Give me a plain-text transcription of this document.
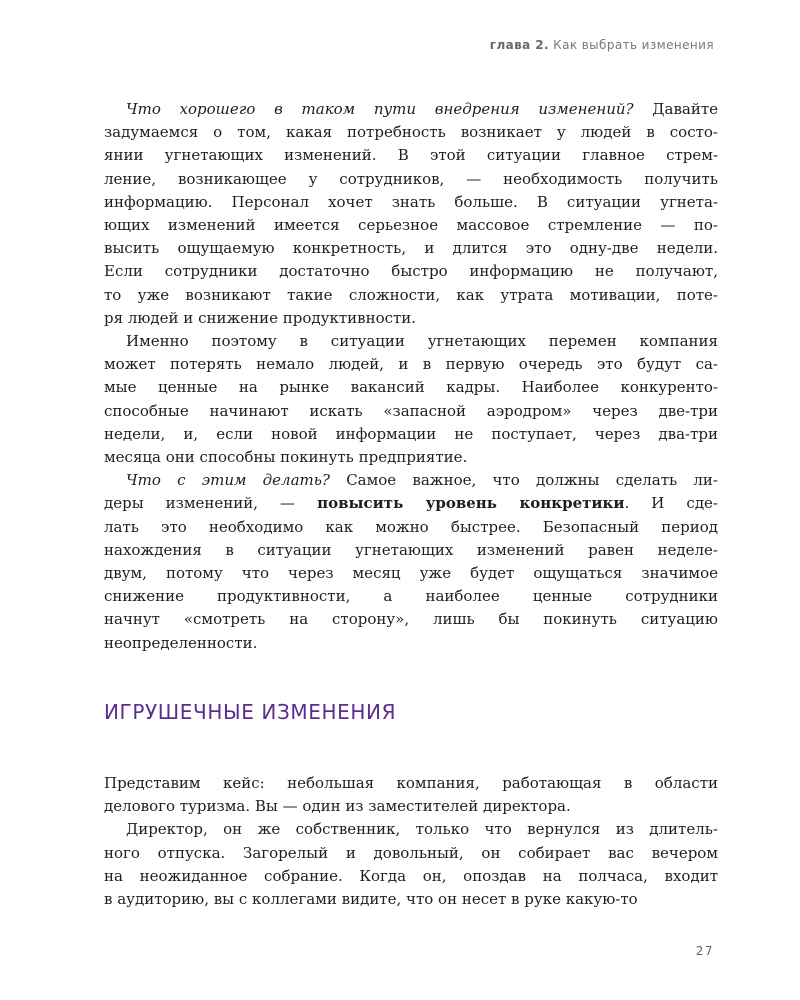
глава 2. Как выбрать изменения
Что хорошего в таком пути внедрения изменений? Давайте
задумаемся о том, какая потребность возникает у людей в состо-
янии угнетающих изменений. В этой ситуации главное стрем-
ление, возникающее у сотрудников, — необходимость получить
информацию. Персонал хочет знать больше. В ситуации угнета-
ющих изменений имеется серьезное массовое стремление — по-
высить ощущаемую конкретность, и длится это одну-две недели.
Если сотрудники достаточно быстро информацию не получают,
то уже возникают такие сложности, как утрата мотивации, поте-
ря людей и снижение продуктивности.
Именно поэтому в ситуации угнетающих перемен компания
может потерять немало людей, и в первую очередь это будут са-
мые ценные на рынке вакансий кадры. Наиболее конкуренто-
способные начинают искать «запасной аэродром» через две-три
недели, и, если новой информации не поступает, через два-три
месяца они способны покинуть предприятие.
Что с этим делать? Самое важное, что должны сделать ли-
деры изменений, — повысить уровень конкретики. И сде-
лать это необходимо как можно быстрее. Безопасный период
нахождения в ситуации угнетающих изменений равен неделе-
двум, потому что через месяц уже будет ощущаться значимое
снижение продуктивности, а наиболее ценные сотрудники
начнут «смотреть на сторону», лишь бы покинуть ситуацию
неопределенности.
ИГРУШЕЧНЫЕ ИЗМЕНЕНИЯ
Представим кейс: небольшая компания, работающая в области
делового туризма. Вы — один из заместителей директора.
Директор, он же собственник, только что вернулся из длитель-
ного отпуска. Загорелый и довольный, он собирает вас вечером
на неожиданное собрание. Когда он, опоздав на полчаса, входит
в аудиторию, вы с коллегами видите, что он несет в руке какую-то
27
